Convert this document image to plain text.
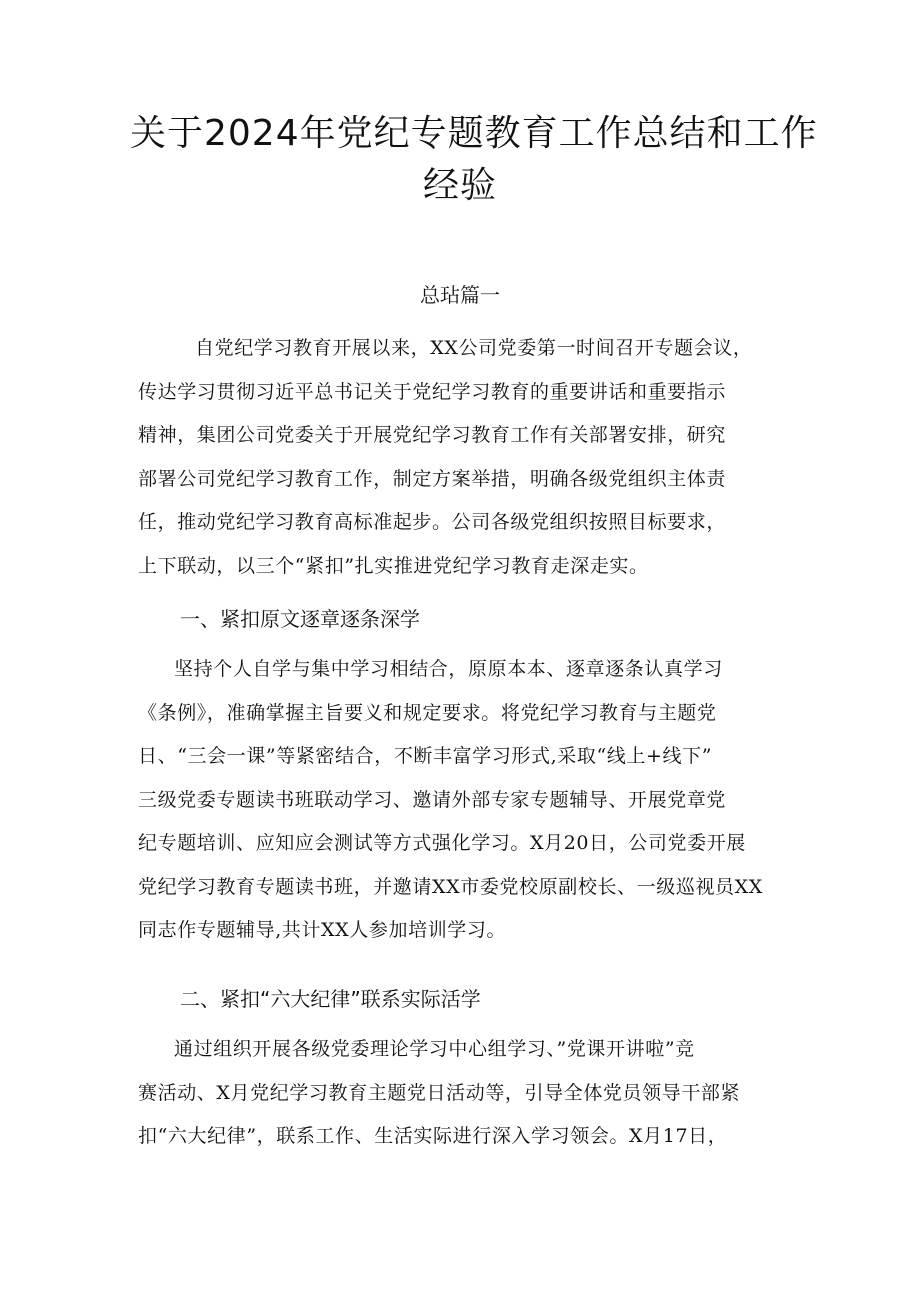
关于2024年党纪专题教育工作总结和工作
经验
总玷篇一
自党纪学习教育开展以来，XX公司党委第一时间召开专题会议，
传达学习贯彻习近平总书记关于党纪学习教育的重要讲话和重要指示
精神，集团公司党委关于开展党纪学习教育工作有关部署安排，研究
部署公司党纪学习教育工作，制定方案举措，明确各级党组织主体责
任，推动党纪学习教育高标准起步。公司各级党组织按照目标要求，
上下联动，以三个“紧扣”扎实推进党纪学习教育走深走实。
一、紧扣原文逐章逐条深学
坚持个人自学与集中学习相结合，原原本本、逐章逐条认真学习
《条例》，准确掌握主旨要义和规定要求。将党纪学习教育与主题党
日、“三会一课”等紧密结合，不断丰富学习形式,采取“线上+线下”
三级党委专题读书班联动学习、邀请外部专家专题辅导、开展党章党
纪专题培训、应知应会测试等方式强化学习。X月20日，公司党委开展
党纪学习教育专题读书班，并邀请XX市委党校原副校长、一级巡视员XX
同志作专题辅导,共计XX人参加培训学习。
二、紧扣“六大纪律”联系实际活学
通过组织开展各级党委理论学习中心组学习、”党课开讲啦”竞
赛活动、X月党纪学习教育主题党日活动等，引导全体党员领导干部紧
扣“六大纪律”，联系工作、生活实际进行深入学习领会。X月17日，
